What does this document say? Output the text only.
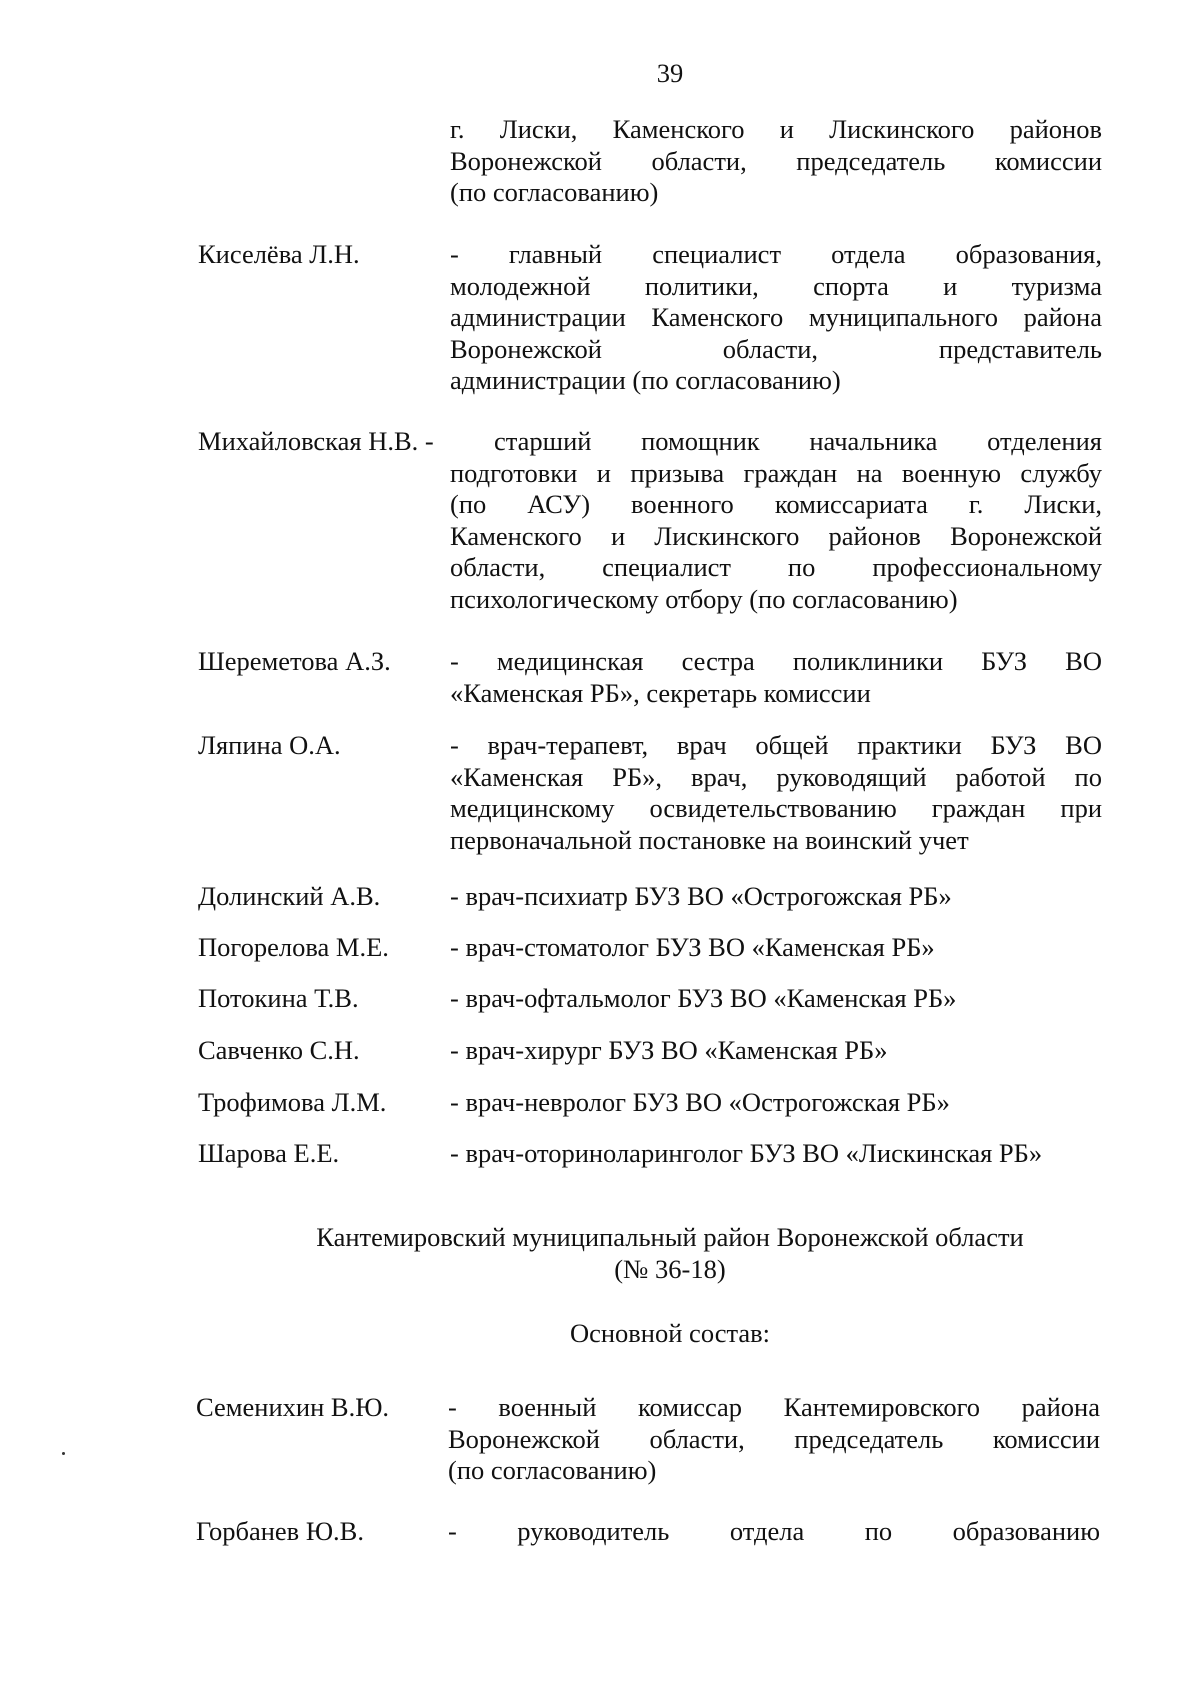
39
г. Лиски, Каменского и Лискинского районов
Воронежской области, председатель комиссии
(по согласованию)
Киселёва Л.Н.	- главный специалист отдела образования,
молодежной политики, спорта и туризма
администрации Каменского муниципального района
Воронежской области, представитель
администрации (по согласованию)
Михайловская Н.В. - старший помощник начальника отделения
подготовки и призыва граждан на военную службу
(по АСУ) военного комиссариата г. Лиски,
Каменского и Лискинского районов Воронежской
области, специалист по профессиональному
психологическому отбору (по согласованию)
Шереметова А.З. - медицинская сестра поликлиники БУЗ ВО
«Каменская РБ», секретарь комиссии
Ляпина О.А.	- врач-терапевт, врач общей практики БУЗ ВО
«Каменская РБ», врач, руководящий работой по
медицинскому освидетельствованию граждан при
первоначальной постановке на воинский учет
Долинский А.В.	- врач-психиатр БУЗ ВО «Острогожская РБ»
Погорелова М.Е. - врач-стоматолог БУЗ ВО «Каменская РБ»
Потокина Т.В.	- врач-офтальмолог БУЗ ВО «Каменская РБ»
Савченко С.Н.	- врач-хирург БУЗ ВО «Каменская РБ»
Трофимова Л.М. - врач-невролог БУЗ ВО «Острогожская РБ»
Шарова Е.Е.	- врач-оториноларинголог БУЗ ВО «Лискинская РБ»
Кантемировский муниципальный район Воронежской области
(№ 36-18)
Основной состав:
Семенихин В.Ю. - военный комиссар Кантемировского района
Воронежской области, председатель комиссии
(по согласованию)
Горбанев Ю.В.	- руководитель отдела по образованию
